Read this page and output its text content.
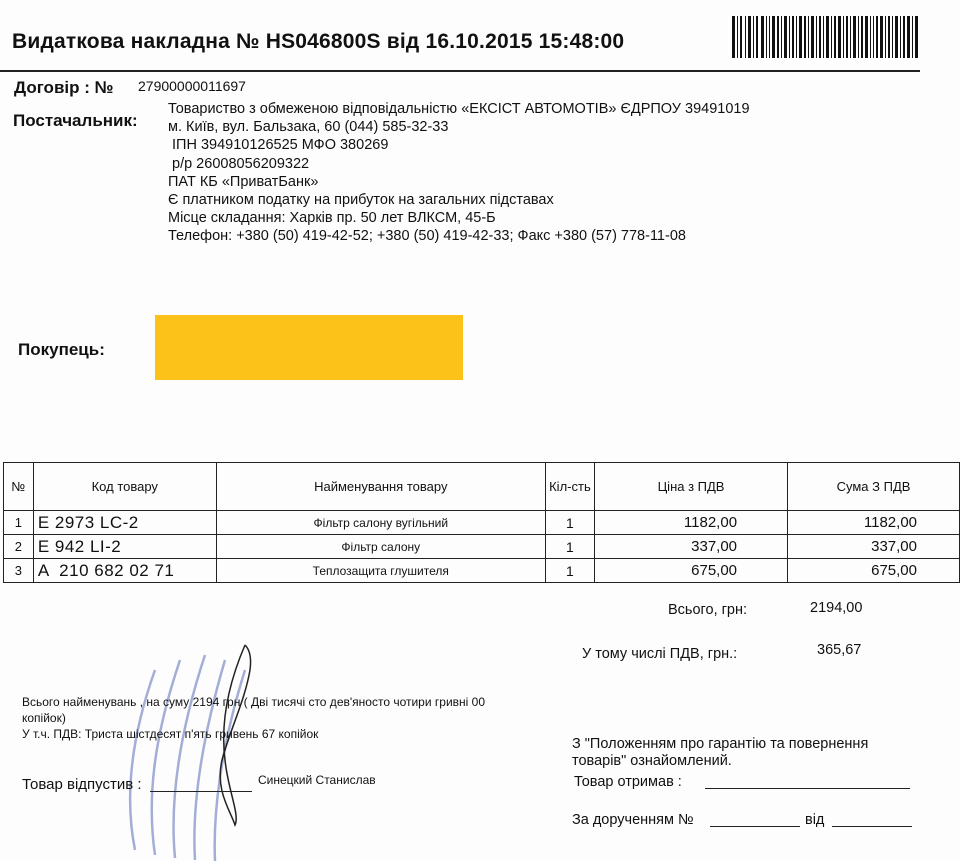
Видаткова накладна № HS046800S від 16.10.2015 15:48:00
Договір : № 27900000011697
Постачальник:
Товариство з обмеженою відповідальністю «ЕКСІСТ АВТОМОТІВ» ЄДРПОУ 39491019
м. Київ, вул. Бальзака, 60 (044) 585-32-33
ІПН 394910126525 МФО 380269
р/р 26008056209322
ПАТ КБ «ПриватБанк»
Є платником податку на прибуток на загальних підставах
Місце складання: Харків пр. 50 лет ВЛКСМ, 45-Б
Телефон: +380 (50) 419-42-52; +380 (50) 419-42-33; Факс +380 (57) 778-11-08
Покупець:
№	Код товару	Найменування товару	Кіл-сть	Ціна з ПДВ	Сума З ПДВ
1	E 2973 LC-2	Фільтр салону вугільний	1	1182,00	1182,00
2	E 942 LI-2	Фільтр салону	1	337,00	337,00
3	A  210 682 02 71	Теплозащита глушителя	1	675,00	675,00
Всього, грн:	2194,00
У тому числі ПДВ, грн.:	365,67
Всього найменувань , на суму 2194 грн ( Дві тисячі сто дев'яносто чотири гривні 00
копійок)
У т.ч. ПДВ: Триста шістдесят п'ять гривень 67 копійок
Товар відпустив :	Синецкий Станислав
З "Положенням про гарантію та повернення
товарів" ознайомлений.
Товар отримав :
За дорученням №	від
